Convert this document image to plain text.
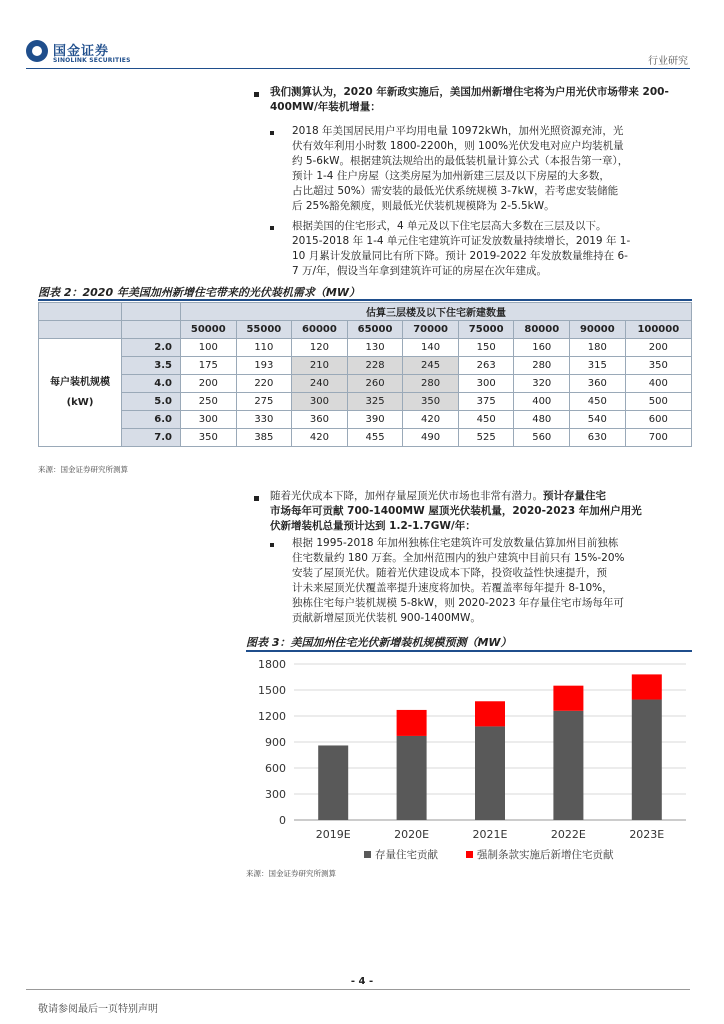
国金证券
SINOLINK SECURITIES	行业研究
我们测算认为，2020 年新政实施后，美国加州新增住宅将为户用光伏市场带来 200-400MW/年装机增量：
2018 年美国居民用户平均用电量 10972kWh，加州光照资源充沛，光
伏有效年利用小时数 1800-2200h，则 100%光伏发电对应户均装机量
约 5-6kW。根据建筑法规给出的最低装机量计算公式（本报告第一章），
预计 1-4 住户房屋（这类房屋为加州新建三层及以下房屋的大多数，
占比超过 50%）需安装的最低光伏系统规模 3-7kW，若考虑安装储能
后 25%豁免额度，则最低光伏装机规模降为 2-5.5kW。
根据美国的住宅形式，4 单元及以下住宅层高大多数在三层及以下。
2015-2018 年 1-4 单元住宅建筑许可证发放数量持续增长，2019 年 1-
10 月累计发放量同比有所下降。预计 2019-2022 年发放数量维持在 6-
7 万/年，假设当年拿到建筑许可证的房屋在次年建成。
图表 2：2020 年美国加州新增住宅带来的光伏装机需求（MW）
		估算三层楼及以下住宅新建数量								
		50000	55000	60000	65000	70000	75000	80000	90000	100000

每户装机规模
(kW)	2.0	100	110	120	130	140	150	160	180	200
	3.5	175	193	210	228	245	263	280	315	350
	4.0	200	220	240	260	280	300	320	360	400
	5.0	250	275	300	325	350	375	400	450	500
	6.0	300	330	360	390	420	450	480	540	600
	7.0	350	385	420	455	490	525	560	630	700
来源：国金证券研究所测算
随着光伏成本下降，加州存量屋顶光伏市场也非常有潜力。预计存量住宅
市场每年可贡献 700-1400MW 屋顶光伏装机量，2020-2023 年加州户用光
伏新增装机总量预计达到 1.2-1.7GW/年：
根据 1995-2018 年加州独栋住宅建筑许可发放数量估算加州目前独栋
住宅数量约 180 万套。全加州范围内的独户建筑中目前只有 15%-20%
安装了屋顶光伏。随着光伏建设成本下降，投资收益性快速提升，预
计未来屋顶光伏覆盖率提升速度将加快。若覆盖率每年提升 8-10%，
独栋住宅每户装机规模 5-8kW，则 2020-2023 年存量住宅市场每年可
贡献新增屋顶光伏装机 900-1400MW。
图表 3：美国加州住宅光伏新增装机规模预测（MW）
0
300
600
900
1200
1500
1800
2019E	2020E	2021E	2022E	2023E
存量住宅贡献	强制条款实施后新增住宅贡献
来源：国金证券研究所测算
- 4 -
敬请参阅最后一页特别声明
